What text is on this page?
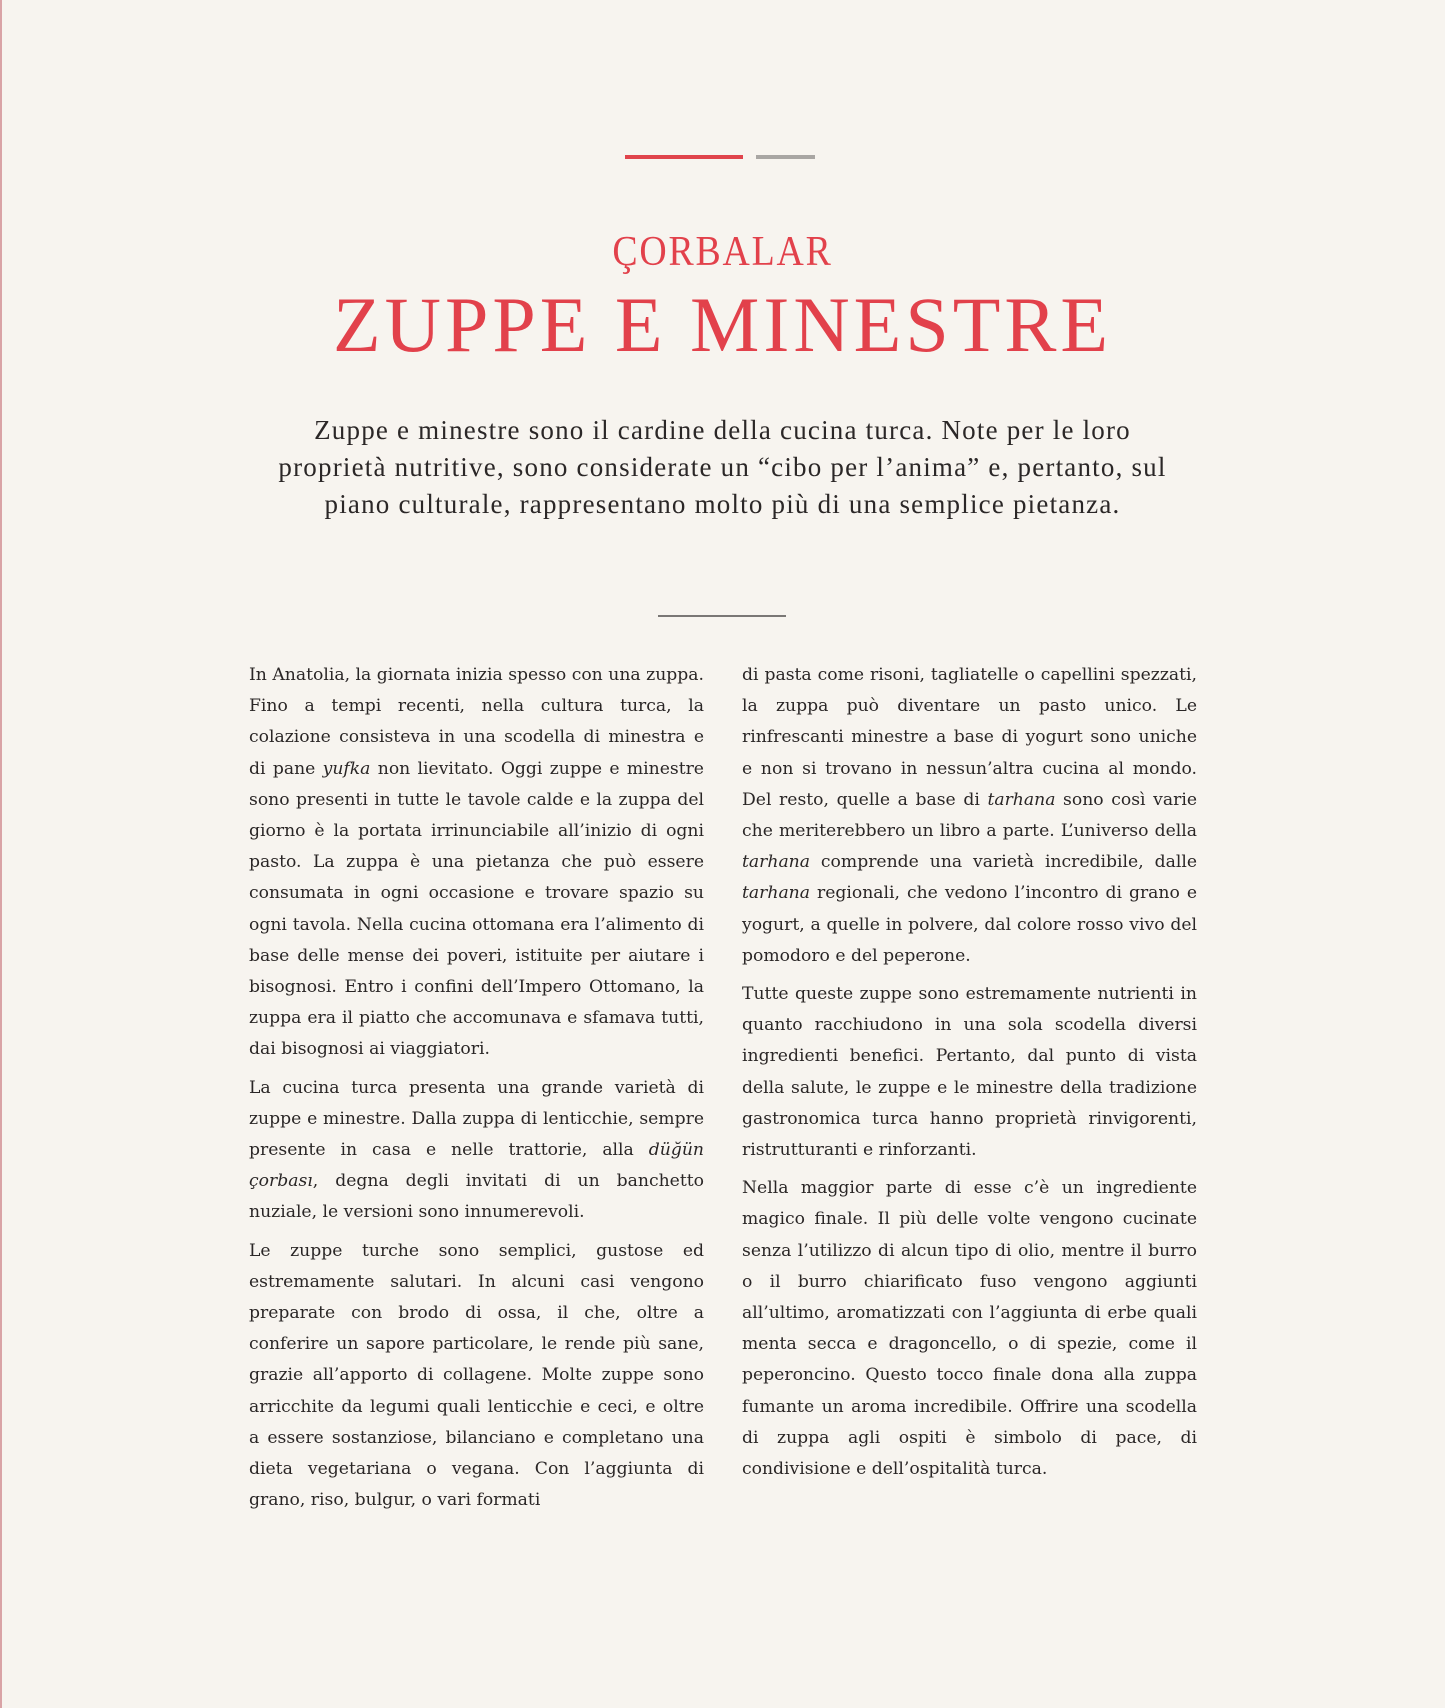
ÇORBALAR
ZUPPE E MINESTRE
Zuppe e minestre sono il cardine della cucina turca. Note per le loro proprietà nutritive, sono considerate un “cibo per l’anima” e, pertanto, sul piano culturale, rappresentano molto più di una semplice pietanza.

In Anatolia, la giornata inizia spesso con una zuppa. Fino a tempi recenti, nella cultura turca, la colazione consisteva in una scodella di minestra e di pane yufka non lievitato. Oggi zuppe e minestre sono presenti in tutte le tavole calde e la zuppa del giorno è la portata irrinunciabile all’inizio di ogni pasto. La zuppa è una pietanza che può essere consumata in ogni occasione e trovare spazio su ogni tavola. Nella cucina ottomana era l’alimento di base delle mense dei poveri, istituite per aiutare i bisognosi. Entro i confini dell’Impero Ottomano, la zuppa era il piatto che accomunava e sfamava tutti, dai bisognosi ai viaggiatori.

La cucina turca presenta una grande varietà di zuppe e minestre. Dalla zuppa di lenticchie, sempre presente in casa e nelle trattorie, alla düğün çorbası, degna degli invitati di un banchetto nuziale, le versioni sono innumerevoli.

Le zuppe turche sono semplici, gustose ed estremamente salutari. In alcuni casi vengono preparate con brodo di ossa, il che, oltre a conferire un sapore particolare, le rende più sane, grazie all’apporto di collagene. Molte zuppe sono arricchite da legumi quali lenticchie e ceci, e oltre a essere sostanziose, bilanciano e completano una dieta vegetariana o vegana. Con l’aggiunta di grano, riso, bulgur, o vari formati

di pasta come risoni, tagliatelle o capellini spezzati, la zuppa può diventare un pasto unico. Le rinfrescanti minestre a base di yogurt sono uniche e non si trovano in nessun’altra cucina al mondo. Del resto, quelle a base di tarhana sono così varie che meriterebbero un libro a parte. L’universo della tarhana comprende una varietà incredibile, dalle tarhana regionali, che vedono l’incontro di grano e yogurt, a quelle in polvere, dal colore rosso vivo del pomodoro e del peperone.

Tutte queste zuppe sono estremamente nutrienti in quanto racchiudono in una sola scodella diversi ingredienti benefici. Pertanto, dal punto di vista della salute, le zuppe e le minestre della tradizione gastronomica turca hanno proprietà rinvigorenti, ristrutturanti e rinforzanti.

Nella maggior parte di esse c’è un ingrediente magico finale. Il più delle volte vengono cucinate senza l’utilizzo di alcun tipo di olio, mentre il burro o il burro chiarificato fuso vengono aggiunti all’ultimo, aromatizzati con l’aggiunta di erbe quali menta secca e dragoncello, o di spezie, come il peperoncino. Questo tocco finale dona alla zuppa fumante un aroma incredibile. Offrire una scodella di zuppa agli ospiti è simbolo di pace, di condivisione e dell’ospitalità turca.
